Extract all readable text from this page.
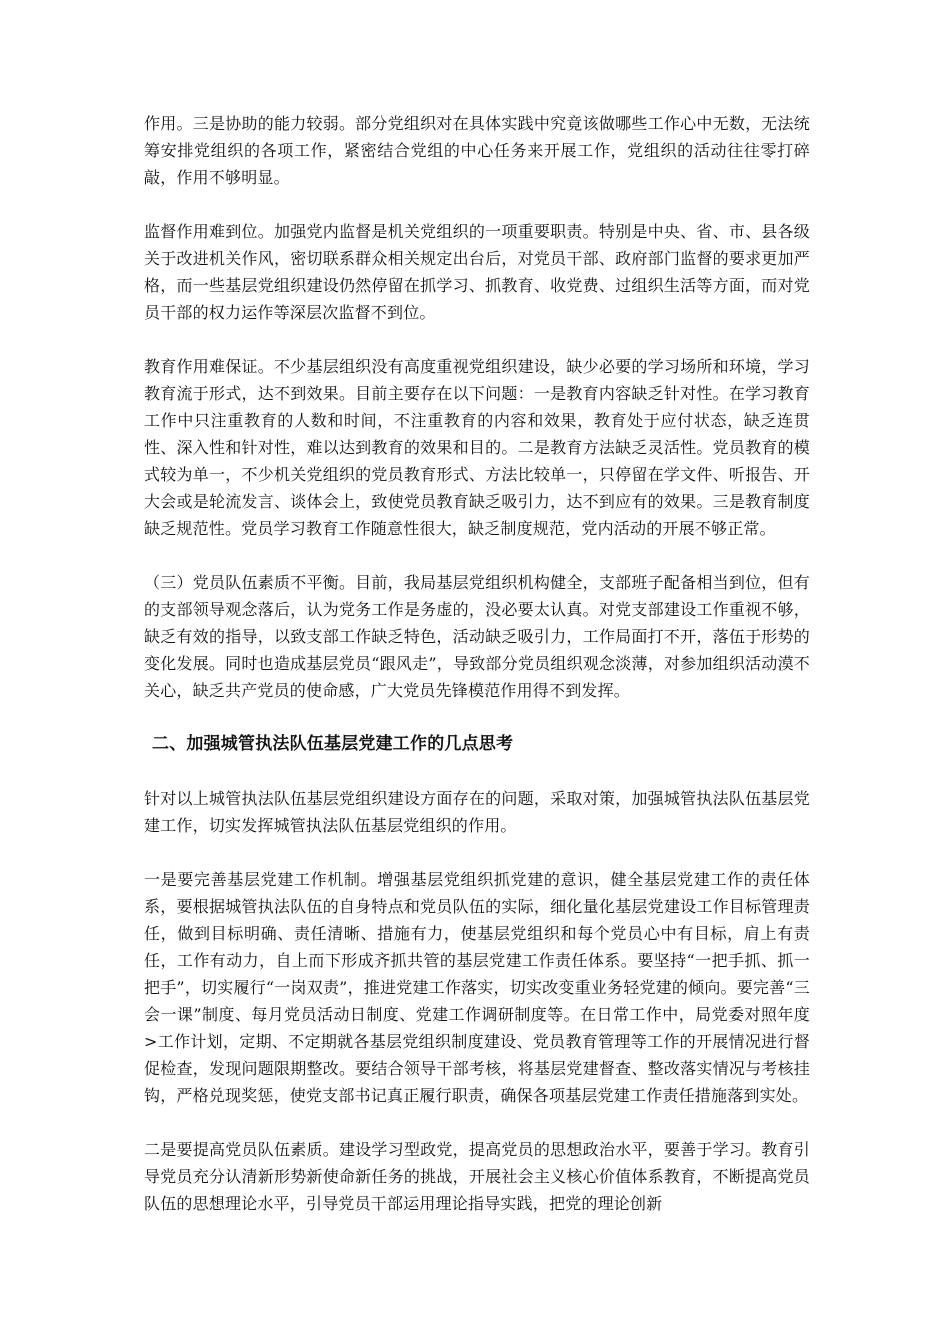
作用。三是协助的能力较弱。部分党组织对在具体实践中究竟该做哪些工作心中无数，无法统筹安排党组织的各项工作，紧密结合党组的中心任务来开展工作，党组织的活动往往零打碎敲，作用不够明显。

监督作用难到位。加强党内监督是机关党组织的一项重要职责。特别是中央、省、市、县各级关于改进机关作风，密切联系群众相关规定出台后，对党员干部、政府部门监督的要求更加严格，而一些基层党组织建设仍然停留在抓学习、抓教育、收党费、过组织生活等方面，而对党员干部的权力运作等深层次监督不到位。

教育作用难保证。不少基层组织没有高度重视党组织建设，缺少必要的学习场所和环境，学习教育流于形式，达不到效果。目前主要存在以下问题：一是教育内容缺乏针对性。在学习教育工作中只注重教育的人数和时间，不注重教育的内容和效果，教育处于应付状态，缺乏连贯性、深入性和针对性，难以达到教育的效果和目的。二是教育方法缺乏灵活性。党员教育的模式较为单一，不少机关党组织的党员教育形式、方法比较单一，只停留在学文件、听报告、开大会或是轮流发言、谈体会上，致使党员教育缺乏吸引力，达不到应有的效果。三是教育制度缺乏规范性。党员学习教育工作随意性很大，缺乏制度规范，党内活动的开展不够正常。

（三）党员队伍素质不平衡。目前，我局基层党组织机构健全，支部班子配备相当到位，但有的支部领导观念落后，认为党务工作是务虚的，没必要太认真。对党支部建设工作重视不够，缺乏有效的指导，以致支部工作缺乏特色，活动缺乏吸引力，工作局面打不开，落伍于形势的变化发展。同时也造成基层党员“跟风走”，导致部分党员组织观念淡薄，对参加组织活动漠不关心，缺乏共产党员的使命感，广大党员先锋模范作用得不到发挥。

二、加强城管执法队伍基层党建工作的几点思考

针对以上城管执法队伍基层党组织建设方面存在的问题，采取对策，加强城管执法队伍基层党建工作，切实发挥城管执法队伍基层党组织的作用。

一是要完善基层党建工作机制。增强基层党组织抓党建的意识，健全基层党建工作的责任体系，要根据城管执法队伍的自身特点和党员队伍的实际，细化量化基层党建设工作目标管理责任，做到目标明确、责任清晰、措施有力，使基层党组织和每个党员心中有目标，肩上有责任，工作有动力，自上而下形成齐抓共管的基层党建工作责任体系。要坚持“一把手抓、抓一把手”，切实履行“一岗双责”，推进党建工作落实，切实改变重业务轻党建的倾向。要完善“三会一课”制度、每月党员活动日制度、党建工作调研制度等。在日常工作中，局党委对照年度>工作计划，定期、不定期就各基层党组织制度建设、党员教育管理等工作的开展情况进行督促检查，发现问题限期整改。要结合领导干部考核，将基层党建督查、整改落实情况与考核挂钩，严格兑现奖惩，使党支部书记真正履行职责，确保各项基层党建工作责任措施落到实处。

二是要提高党员队伍素质。建设学习型政党，提高党员的思想政治水平，要善于学习。教育引导党员充分认清新形势新使命新任务的挑战，开展社会主义核心价值体系教育，不断提高党员队伍的思想理论水平，引导党员干部运用理论指导实践，把党的理论创新
